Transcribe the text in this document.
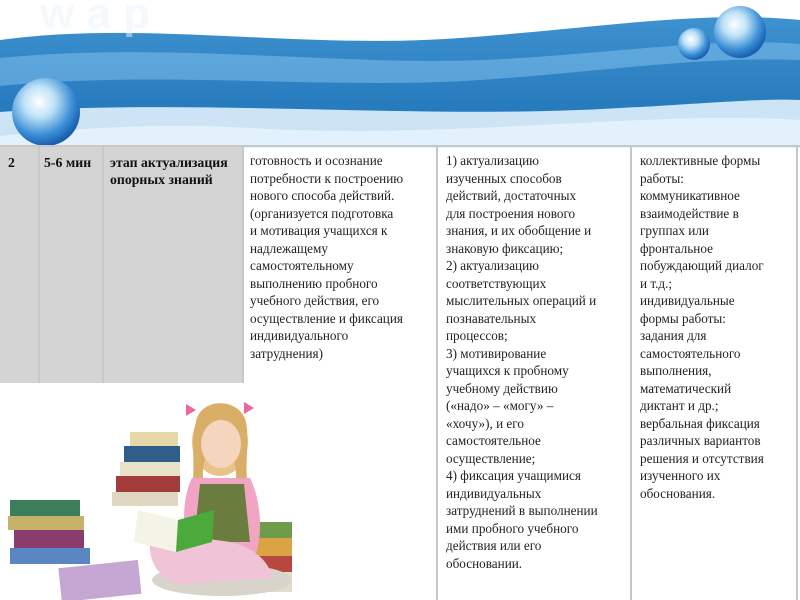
w a p
2 5-6 мин	этап актуализация опорных знаний
готовность и осознание
потребности к построению
нового способа действий.
(организуется подготовка
и мотивация учащихся к
надлежащему
самостоятельному
выполнению пробного
учебного действия, его
осуществление и фиксация
индивидуального
затруднения)
1) актуализацию
изученных способов
действий, достаточных
для построения нового
знания, и их обобщение и
знаковую фиксацию;
2) актуализацию
соответствующих
мыслительных операций и
познавательных
процессов;
3) мотивирование
учащихся к пробному
учебному действию
(«надо» – «могу» –
«хочу»), и его
самостоятельное
осуществление;
4) фиксация учащимися
индивидуальных
затруднений в выполнении
ими пробного учебного
действия или его
обосновании.
коллективные формы
работы:
коммуникативное
взаимодействие в
группах или
фронтальное
побуждающий диалог
и т.д.;
индивидуальные
формы работы:
задания для
самостоятельного
выполнения,
математический
диктант и др.;
вербальная фиксация
различных вариантов
решения и отсутствия
изученного их
обоснования.
